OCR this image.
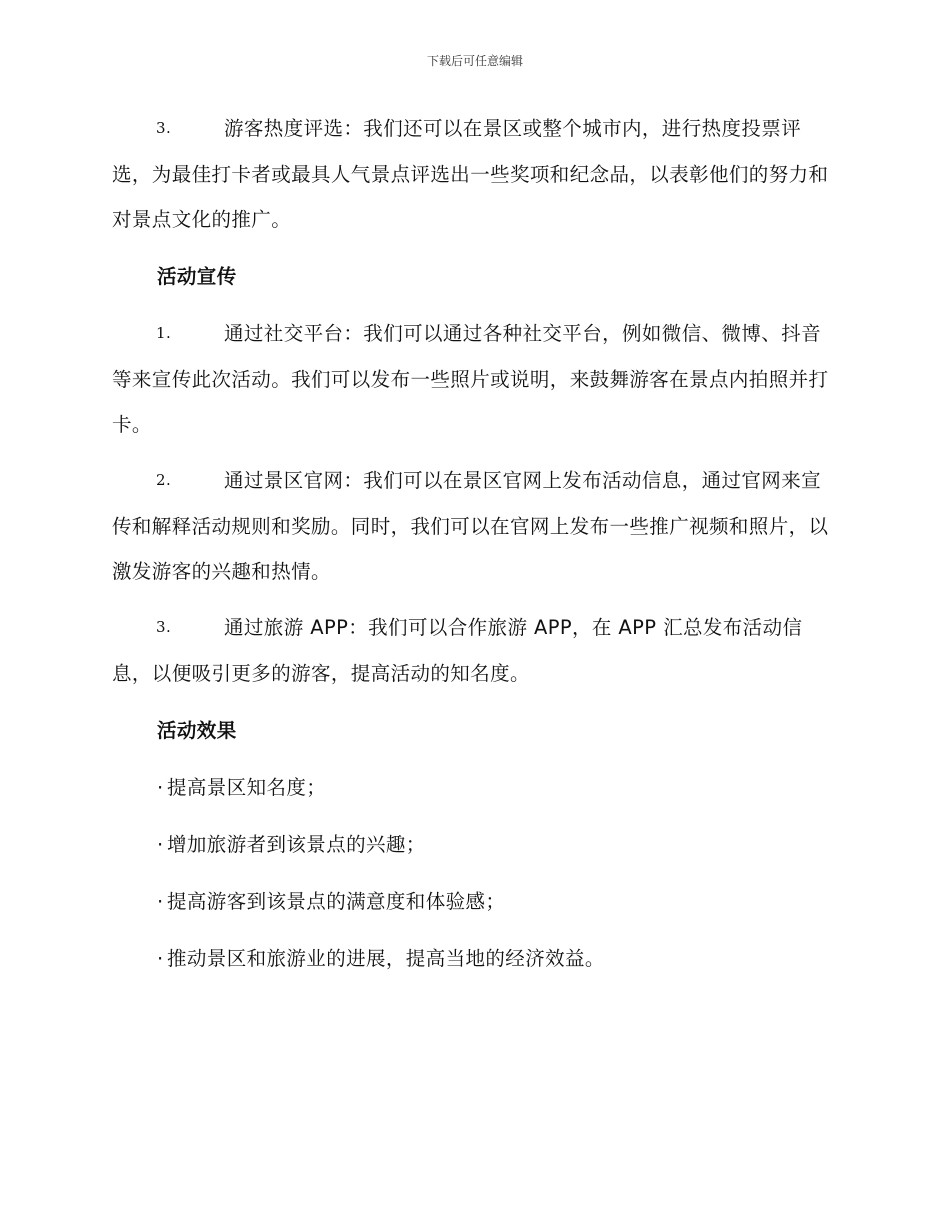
下载后可任意编辑
3.	游客热度评选：我们还可以在景区或整个城市内，进行热度投票评选，为最佳打卡者或最具人气景点评选出一些奖项和纪念品，以表彰他们的努力和对景点文化的推广。
活动宣传
1.	通过社交平台：我们可以通过各种社交平台，例如微信、微博、抖音等来宣传此次活动。我们可以发布一些照片或说明，来鼓舞游客在景点内拍照并打卡。
2.	通过景区官网：我们可以在景区官网上发布活动信息，通过官网来宣传和解释活动规则和奖励。同时，我们可以在官网上发布一些推广视频和照片，以激发游客的兴趣和热情。
3.	通过旅游 APP：我们可以合作旅游 APP，在 APP 汇总发布活动信息，以便吸引更多的游客，提高活动的知名度。
活动效果
· 提高景区知名度；
· 增加旅游者到该景点的兴趣；
· 提高游客到该景点的满意度和体验感；
· 推动景区和旅游业的进展，提高当地的经济效益。
